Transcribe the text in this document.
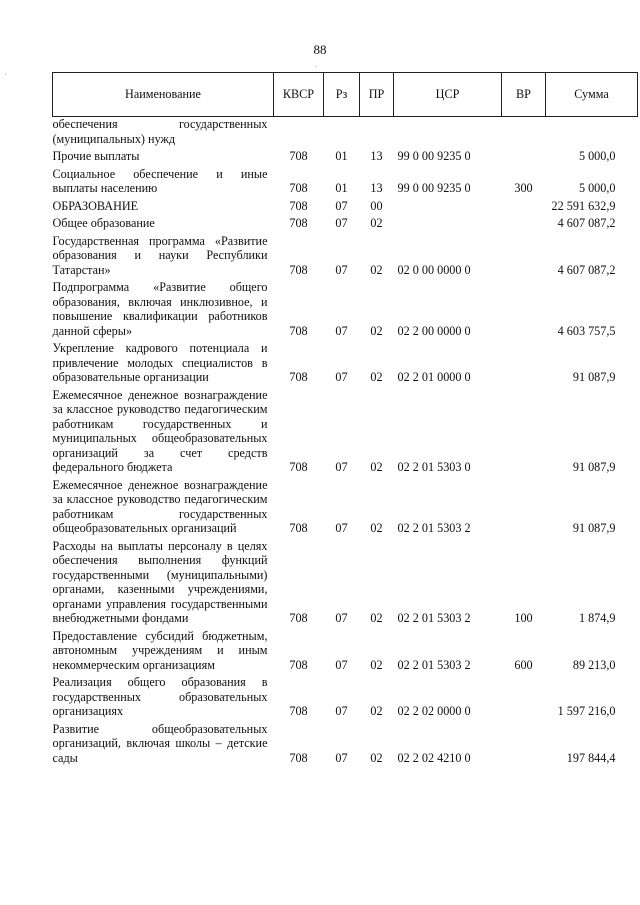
88
Наименование	КВСР	Рз	ПР	ЦСР	ВР	Сумма
обеспечения государственных (муниципальных) нужд						
Прочие выплаты	708	01	13	99 0 00 9235 0		5 000,0
Социальное обеспечение и иные выплаты населению	708	01	13	99 0 00 9235 0	300	5 000,0
ОБРАЗОВАНИЕ	708	07	00			22 591 632,9
Общее образование	708	07	02			4 607 087,2
Государственная программа «Развитие образования и науки Республики Татарстан»	708	07	02	02 0 00 0000 0		4 607 087,2
Подпрограмма «Развитие общего образования, включая инклюзивное, и повышение квалификации работников данной сферы»	708	07	02	02 2 00 0000 0		4 603 757,5
Укрепление кадрового потенциала и привлечение молодых специалистов в образовательные организации	708	07	02	02 2 01 0000 0		91 087,9
Ежемесячное денежное вознаграждение за классное руководство педагогическим работникам государственных и муниципальных общеобразовательных организаций за счет средств федерального бюджета	708	07	02	02 2 01 5303 0		91 087,9
Ежемесячное денежное вознаграждение за классное руководство педагогическим работникам государственных общеобразовательных организаций	708	07	02	02 2 01 5303 2		91 087,9
Расходы на выплаты персоналу в целях обеспечения выполнения функций государственными (муниципальными) органами, казенными учреждениями, органами управления государственными внебюджетными фондами	708	07	02	02 2 01 5303 2	100	1 874,9
Предоставление субсидий бюджетным, автономным учреждениям и иным некоммерческим организациям	708	07	02	02 2 01 5303 2	600	89 213,0
Реализация общего образования в государственных образовательных организациях	708	07	02	02 2 02 0000 0		1 597 216,0
Развитие общеобразовательных организаций, включая школы – детские сады	708	07	02	02 2 02 4210 0		197 844,4
·
·
